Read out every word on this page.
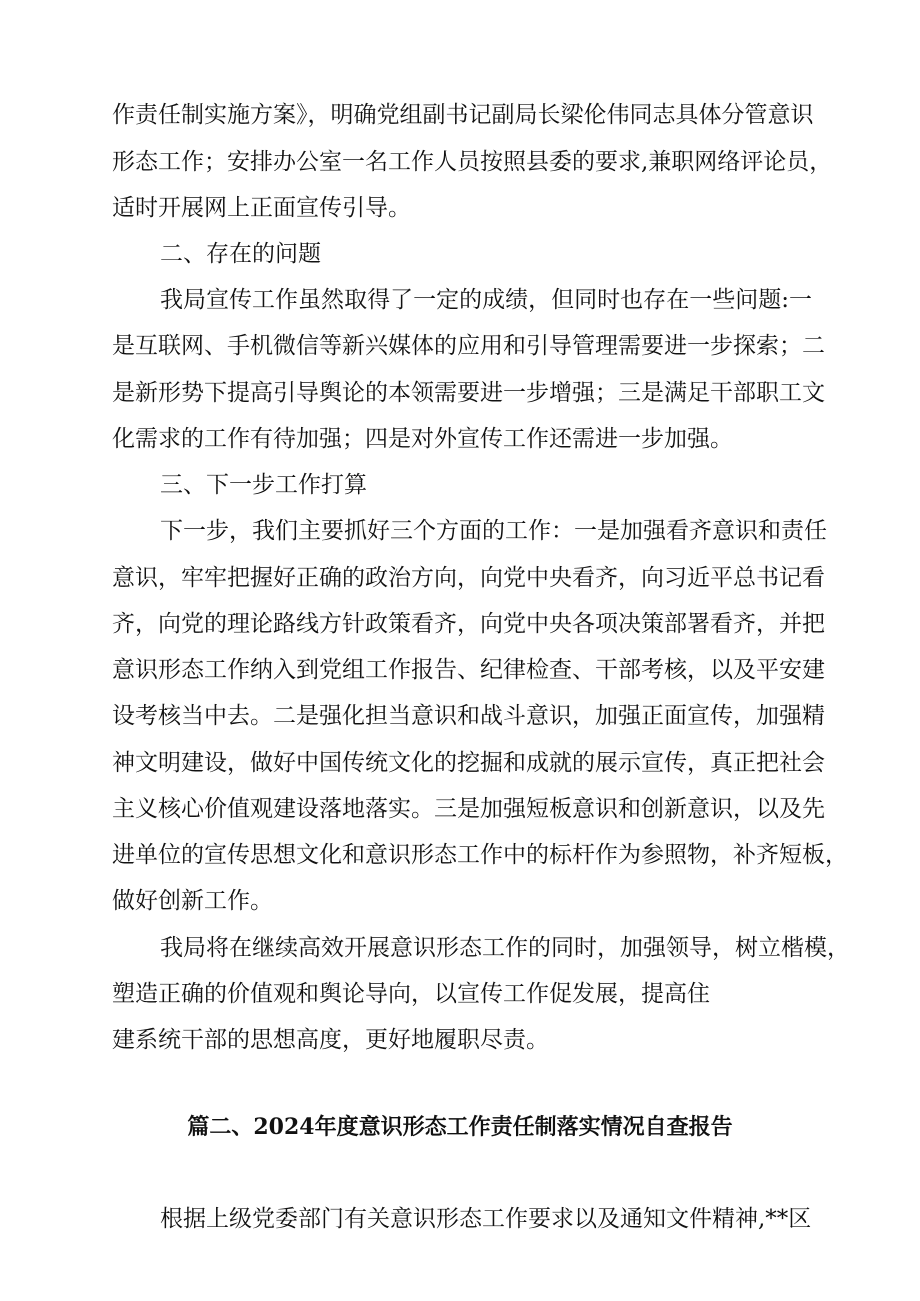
作责任制实施方案》，明确党组副书记副局长梁伦伟同志具体分管意识
形态工作；安排办公室一名工作人员按照县委的要求,兼职网络评论员，
适时开展网上正面宣传引导。
二、存在的问题
我局宣传工作虽然取得了一定的成绩，但同时也存在一些问题:一
是互联网、手机微信等新兴媒体的应用和引导管理需要进一步探索；二
是新形势下提高引导舆论的本领需要进一步增强；三是满足干部职工文
化需求的工作有待加强；四是对外宣传工作还需进一步加强。
三、下一步工作打算
下一步，我们主要抓好三个方面的工作：一是加强看齐意识和责任
意识，牢牢把握好正确的政治方向，向党中央看齐，向习近平总书记看
齐，向党的理论路线方针政策看齐，向党中央各项决策部署看齐，并把
意识形态工作纳入到党组工作报告、纪律检查、干部考核，以及平安建
设考核当中去。二是强化担当意识和战斗意识，加强正面宣传，加强精
神文明建设，做好中国传统文化的挖掘和成就的展示宣传，真正把社会
主义核心价值观建设落地落实。三是加强短板意识和创新意识，以及先
进单位的宣传思想文化和意识形态工作中的标杆作为参照物，补齐短板，
做好创新工作。
我局将在继续高效开展意识形态工作的同时，加强领导，树立楷模，
塑造正确的价值观和舆论导向，以宣传工作促发展，提高住
建系统干部的思想高度，更好地履职尽责。
篇二、2024年度意识形态工作责任制落实情况自查报告
根据上级党委部门有关意识形态工作要求以及通知文件精神,**区
